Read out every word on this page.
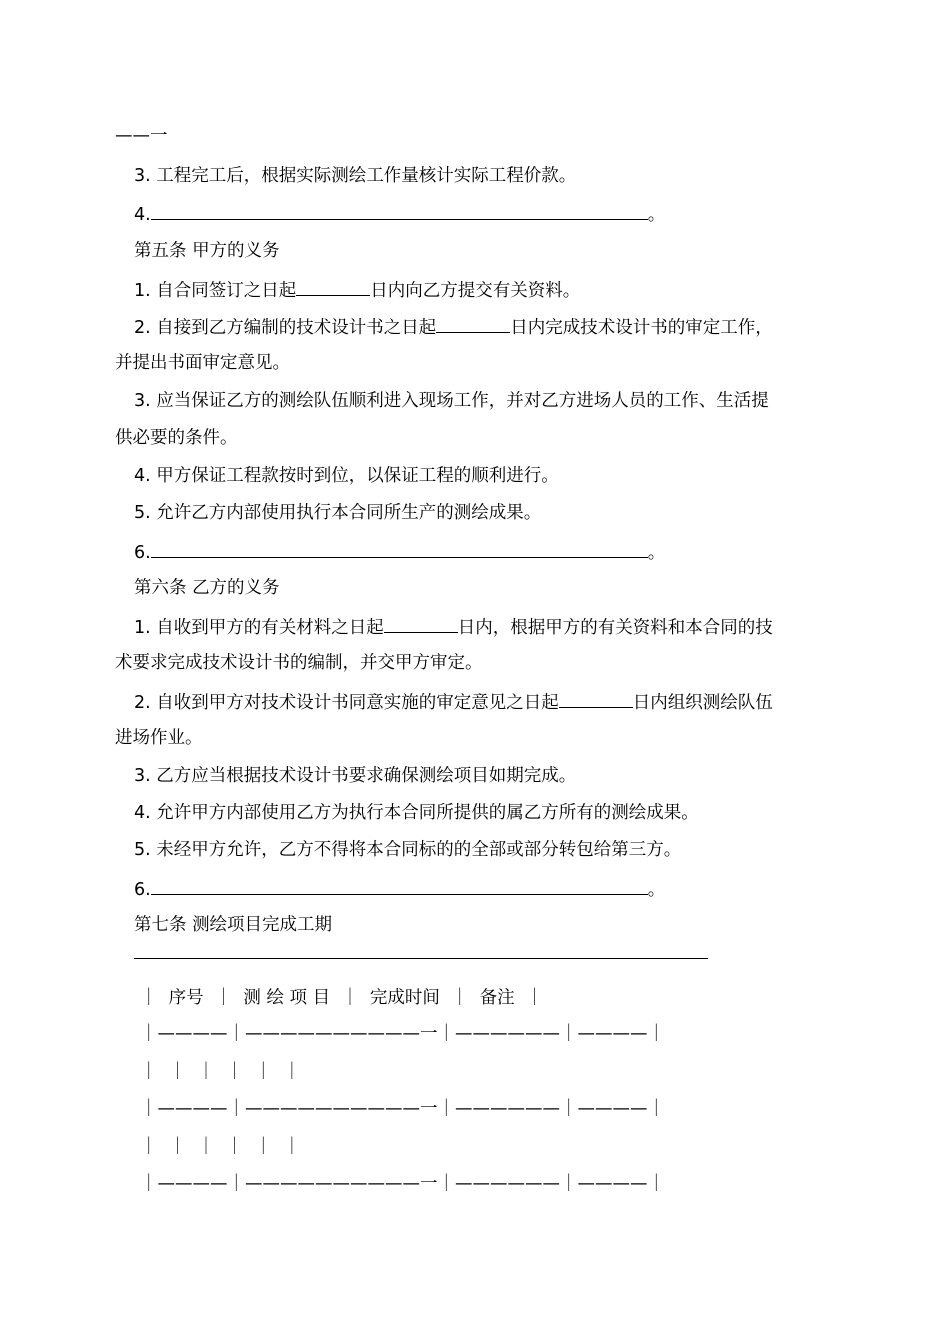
——一
3. 工程完工后，根据实际测绘工作量核计实际工程价款。
4.	。
第五条 甲方的义务
1. 自合同签订之日起	日内向乙方提交有关资料。
2. 自接到乙方编制的技术设计书之日起	日内完成技术设计书的审定工作，
并提出书面审定意见。
3. 应当保证乙方的测绘队伍顺利进入现场工作，并对乙方进场人员的工作、生活提
供必要的条件。
4. 甲方保证工程款按时到位，以保证工程的顺利进行。
5. 允许乙方内部使用执行本合同所生产的测绘成果。
6.	。
第六条 乙方的义务
1. 自收到甲方的有关材料之日起	日内，根据甲方的有关资料和本合同的技
术要求完成技术设计书的编制，并交甲方审定。
2. 自收到甲方对技术设计书同意实施的审定意见之日起	日内组织测绘队伍
进场作业。
3. 乙方应当根据技术设计书要求确保测绘项目如期完成。
4. 允许甲方内部使用乙方为执行本合同所提供的属乙方所有的测绘成果。
5. 未经甲方允许，乙方不得将本合同标的的全部或部分转包给第三方。
6.	。
第七条 测绘项目完成工期
｜  序号  ｜  测 绘 项 目  ｜  完成时间  ｜  备注  ｜
｜————｜——————————一｜——————｜————｜
｜  ｜  ｜  ｜  ｜  ｜
｜————｜——————————一｜——————｜————｜
｜  ｜  ｜  ｜  ｜  ｜
｜————｜——————————一｜——————｜————｜
